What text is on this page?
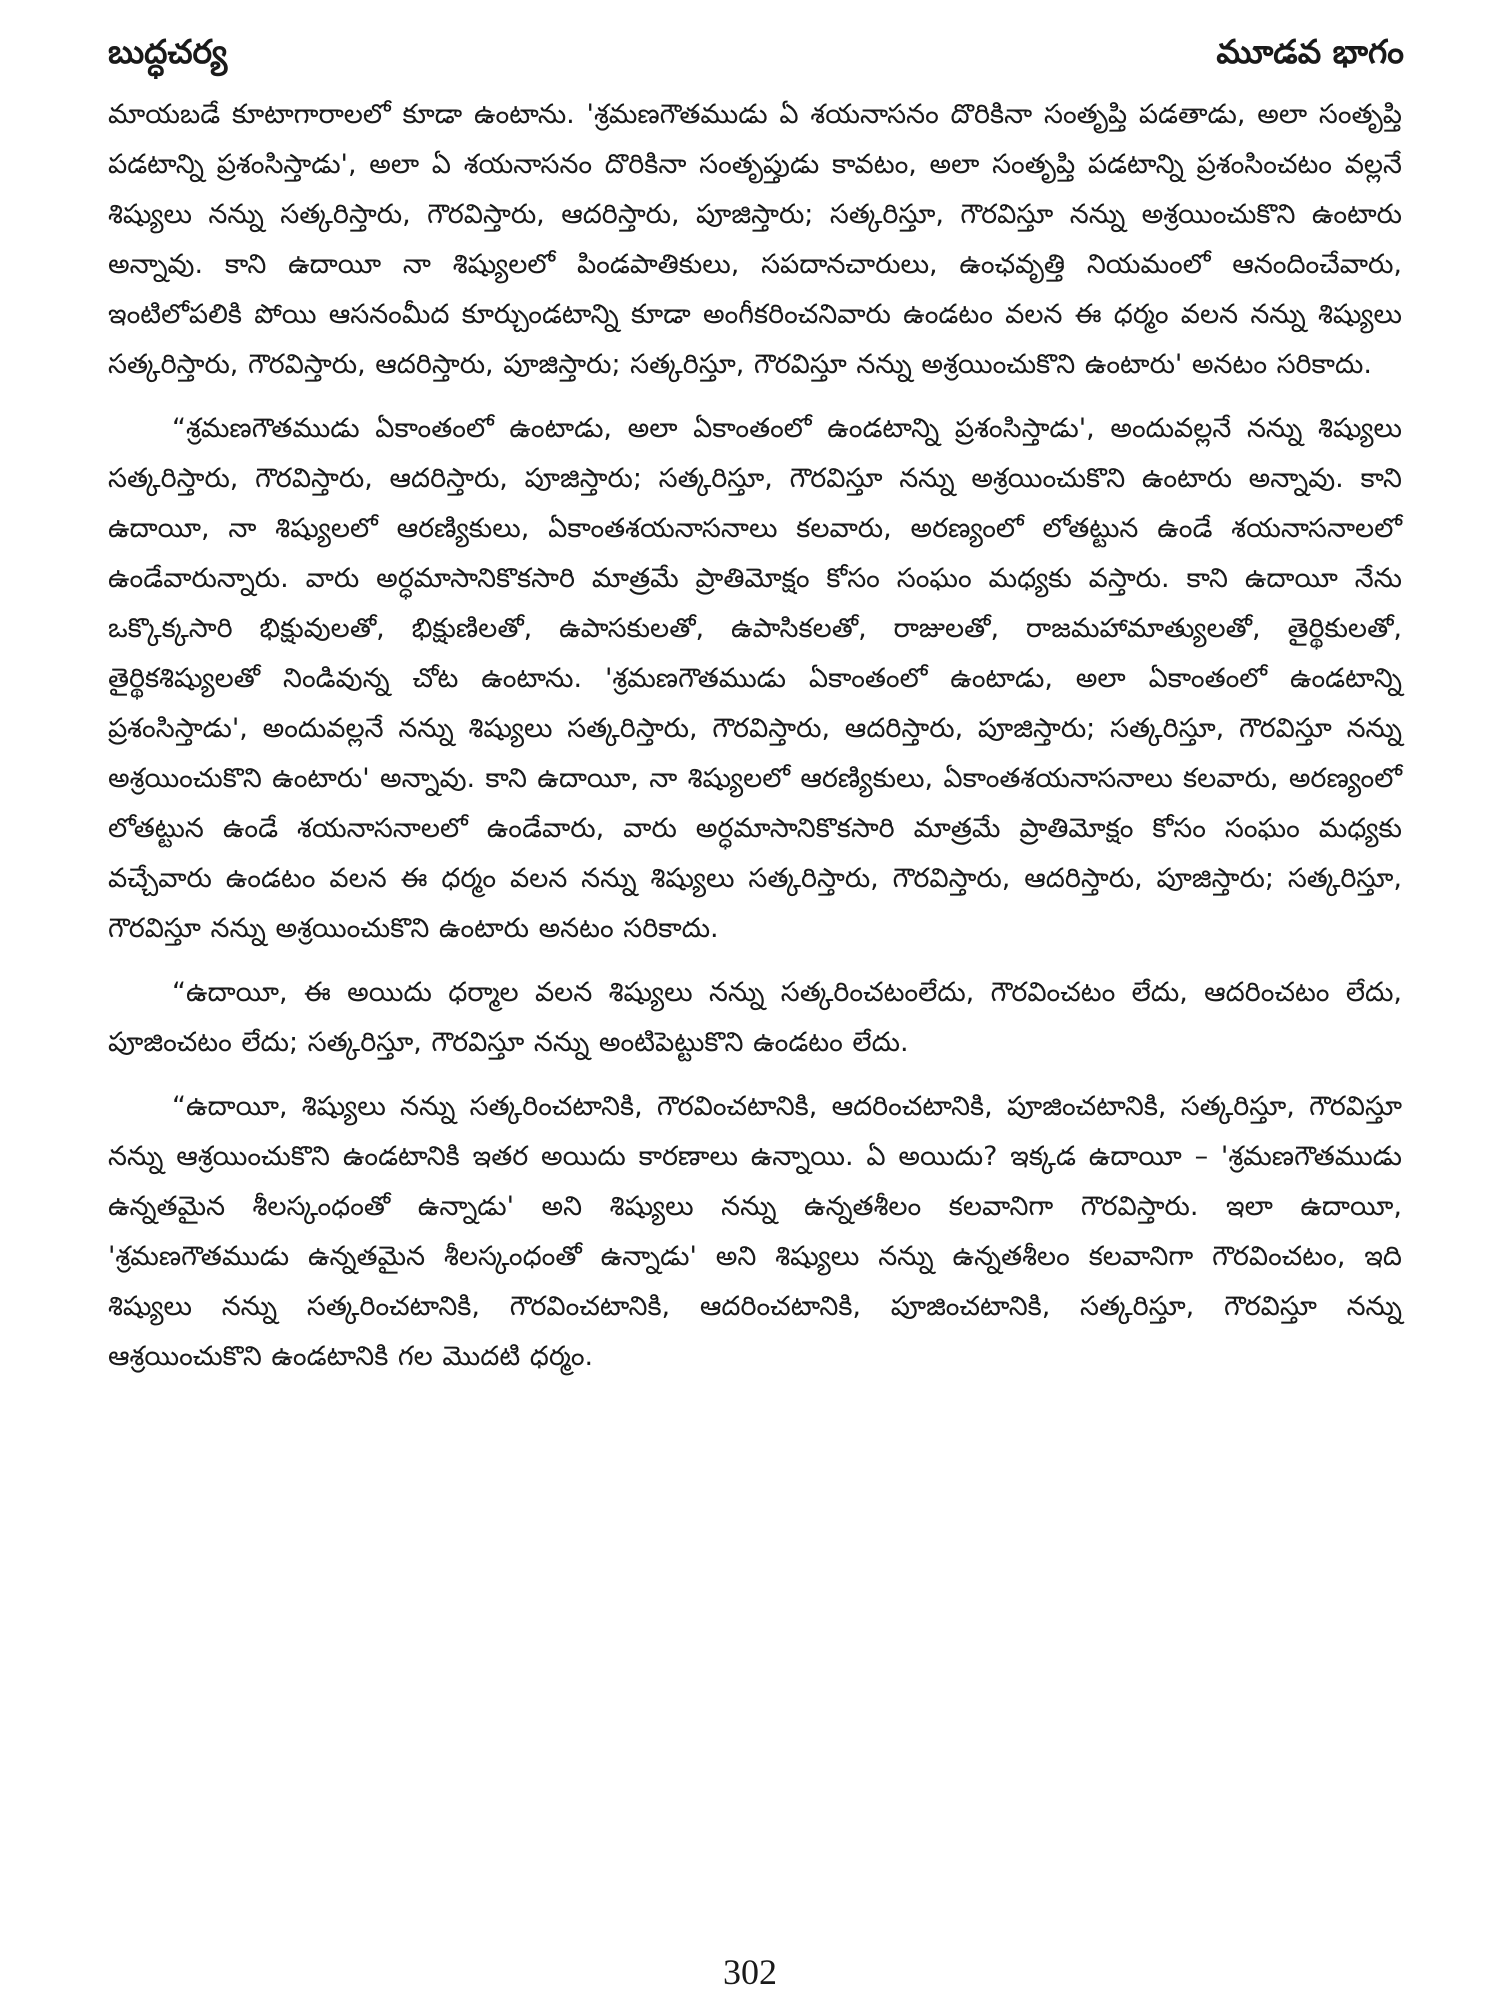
బుద్ధచర్య	మూడవ భాగం

మాయబడే కూటాగారాలలో కూడా ఉంటాను. 'శ్రమణగౌతముడు ఏ శయనాసనం దొరికినా సంతృప్తి పడతాడు, అలా సంతృప్తి పడటాన్ని ప్రశంసిస్తాడు', అలా ఏ శయనాసనం దొరికినా సంతృప్తుడు కావటం, అలా సంతృప్తి పడటాన్ని ప్రశంసించటం వల్లనే శిష్యులు నన్ను సత్కరిస్తారు, గౌరవిస్తారు, ఆదరిస్తారు, పూజిస్తారు; సత్కరిస్తూ, గౌరవిస్తూ నన్ను అశ్రయించుకొని ఉంటారు అన్నావు. కాని ఉదాయీ నా శిష్యులలో పిండపాతికులు, సపదానచారులు, ఉంఛవృత్తి నియమంలో ఆనందించేవారు, ఇంటిలోపలికి పోయి ఆసనంమీద కూర్చుండటాన్ని కూడా అంగీకరించనివారు ఉండటం వలన ఈ ధర్మం వలన నన్ను శిష్యులు సత్కరిస్తారు, గౌరవిస్తారు, ఆదరిస్తారు, పూజిస్తారు; సత్కరిస్తూ, గౌరవిస్తూ నన్ను అశ్రయించుకొని ఉంటారు' అనటం సరికాదు.

“శ్రమణగౌతముడు ఏకాంతంలో ఉంటాడు, అలా ఏకాంతంలో ఉండటాన్ని ప్రశంసిస్తాడు', అందువల్లనే నన్ను శిష్యులు సత్కరిస్తారు, గౌరవిస్తారు, ఆదరిస్తారు, పూజిస్తారు; సత్కరిస్తూ, గౌరవిస్తూ నన్ను అశ్రయించుకొని ఉంటారు అన్నావు. కాని ఉదాయీ, నా శిష్యులలో ఆరణ్యికులు, ఏకాంతశయనాసనాలు కలవారు, అరణ్యంలో లోతట్టున ఉండే శయనాసనాలలో ఉండేవారున్నారు. వారు అర్ధమాసానికొకసారి మాత్రమే ప్రాతిమోక్షం కోసం సంఘం మధ్యకు వస్తారు. కాని ఉదాయీ నేను ఒక్కొక్కసారి భిక్షువులతో, భిక్షుణిలతో, ఉపాసకులతో, ఉపాసికలతో, రాజులతో, రాజమహామాత్యులతో, తైర్థికులతో, తైర్థికశిష్యులతో నిండివున్న చోట ఉంటాను. 'శ్రమణగౌతముడు ఏకాంతంలో ఉంటాడు, అలా ఏకాంతంలో ఉండటాన్ని ప్రశంసిస్తాడు', అందువల్లనే నన్ను శిష్యులు సత్కరిస్తారు, గౌరవిస్తారు, ఆదరిస్తారు, పూజిస్తారు; సత్కరిస్తూ, గౌరవిస్తూ నన్ను అశ్రయించుకొని ఉంటారు' అన్నావు. కాని ఉదాయీ, నా శిష్యులలో ఆరణ్యికులు, ఏకాంతశయనాసనాలు కలవారు, అరణ్యంలో లోతట్టున ఉండే శయనాసనాలలో ఉండేవారు, వారు అర్ధమాసానికొకసారి మాత్రమే ప్రాతిమోక్షం కోసం సంఘం మధ్యకు వచ్చేవారు ఉండటం వలన ఈ ధర్మం వలన నన్ను శిష్యులు సత్కరిస్తారు, గౌరవిస్తారు, ఆదరిస్తారు, పూజిస్తారు; సత్కరిస్తూ, గౌరవిస్తూ నన్ను అశ్రయించుకొని ఉంటారు అనటం సరికాదు.

“ఉదాయీ, ఈ అయిదు ధర్మాల వలన శిష్యులు నన్ను సత్కరించటంలేదు, గౌరవించటం లేదు, ఆదరించటం లేదు, పూజించటం లేదు; సత్కరిస్తూ, గౌరవిస్తూ నన్ను అంటిపెట్టుకొని ఉండటం లేదు.

“ఉదాయీ, శిష్యులు నన్ను సత్కరించటానికి, గౌరవించటానికి, ఆదరించటానికి, పూజించటానికి, సత్కరిస్తూ, గౌరవిస్తూ నన్ను ఆశ్రయించుకొని ఉండటానికి ఇతర అయిదు కారణాలు ఉన్నాయి. ఏ అయిదు? ఇక్కడ ఉదాయీ – 'శ్రమణగౌతముడు ఉన్నతమైన శీలస్కంధంతో ఉన్నాడు' అని శిష్యులు నన్ను ఉన్నతశీలం కలవానిగా గౌరవిస్తారు. ఇలా ఉదాయీ, 'శ్రమణగౌతముడు ఉన్నతమైన శీలస్కంధంతో ఉన్నాడు' అని శిష్యులు నన్ను ఉన్నతశీలం కలవానిగా గౌరవించటం, ఇది శిష్యులు నన్ను సత్కరించటానికి, గౌరవించటానికి, ఆదరించటానికి, పూజించటానికి, సత్కరిస్తూ, గౌరవిస్తూ నన్ను ఆశ్రయించుకొని ఉండటానికి గల మొదటి ధర్మం.

302
